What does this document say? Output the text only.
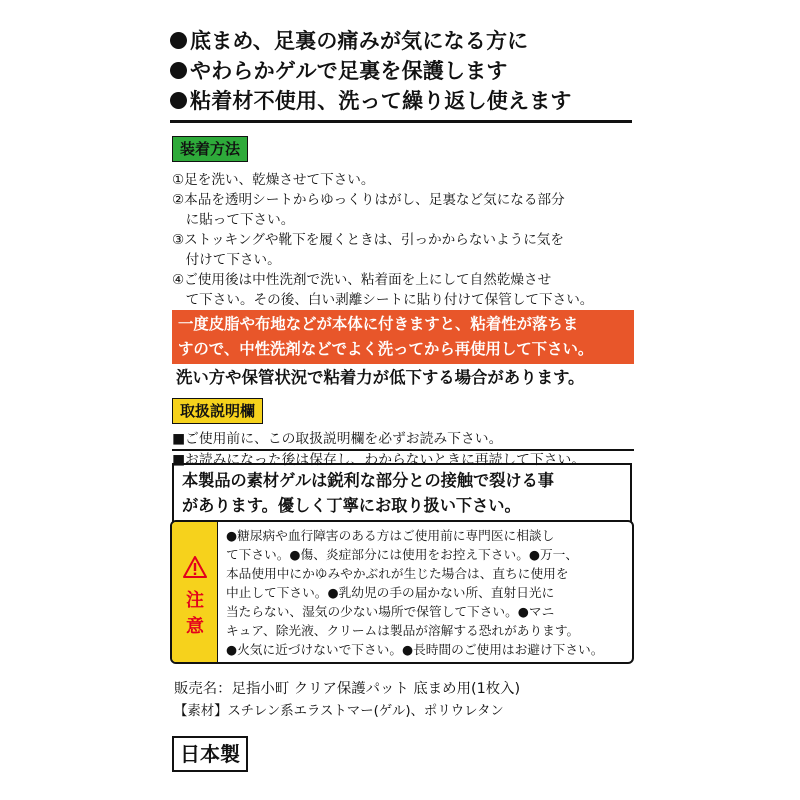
底まめ、足裏の痛みが気になる方に
やわらかゲルで足裏を保護します
粘着材不使用、洗って繰り返し使えます
装着方法
①足を洗い、乾燥させて下さい。
②本品を透明シートからゆっくりはがし、足裏など気になる部分
　に貼って下さい。
③ストッキングや靴下を履くときは、引っかからないように気を
　付けて下さい。
④ご使用後は中性洗剤で洗い、粘着面を上にして自然乾燥させ
　て下さい。その後、白い剥離シートに貼り付けて保管して下さい。
一度皮脂や布地などが本体に付きますと、粘着性が落ちま
すので、中性洗剤などでよく洗ってから再使用して下さい。
洗い方や保管状況で粘着力が低下する場合があります。
取扱説明欄
■ご使用前に、この取扱説明欄を必ずお読み下さい。
■お読みになった後は保存し、わからないときに再読して下さい。
本製品の素材ゲルは鋭利な部分との接触で裂ける事
があります。優しく丁寧にお取り扱い下さい。
注
意
●糖尿病や血行障害のある方はご使用前に専門医に相談し
て下さい。●傷、炎症部分には使用をお控え下さい。●万一、
本品使用中にかゆみやかぶれが生じた場合は、直ちに使用を
中止して下さい。●乳幼児の手の届かない所、直射日光に
当たらない、湿気の少ない場所で保管して下さい。●マニ
キュア、除光液、クリームは製品が溶解する恐れがあります。
●火気に近づけないで下さい。●長時間のご使用はお避け下さい。
販売名：足指小町 クリア保護パット 底まめ用(1枚入)
【素材】スチレン系エラストマー(ゲル)、ポリウレタン
日本製
